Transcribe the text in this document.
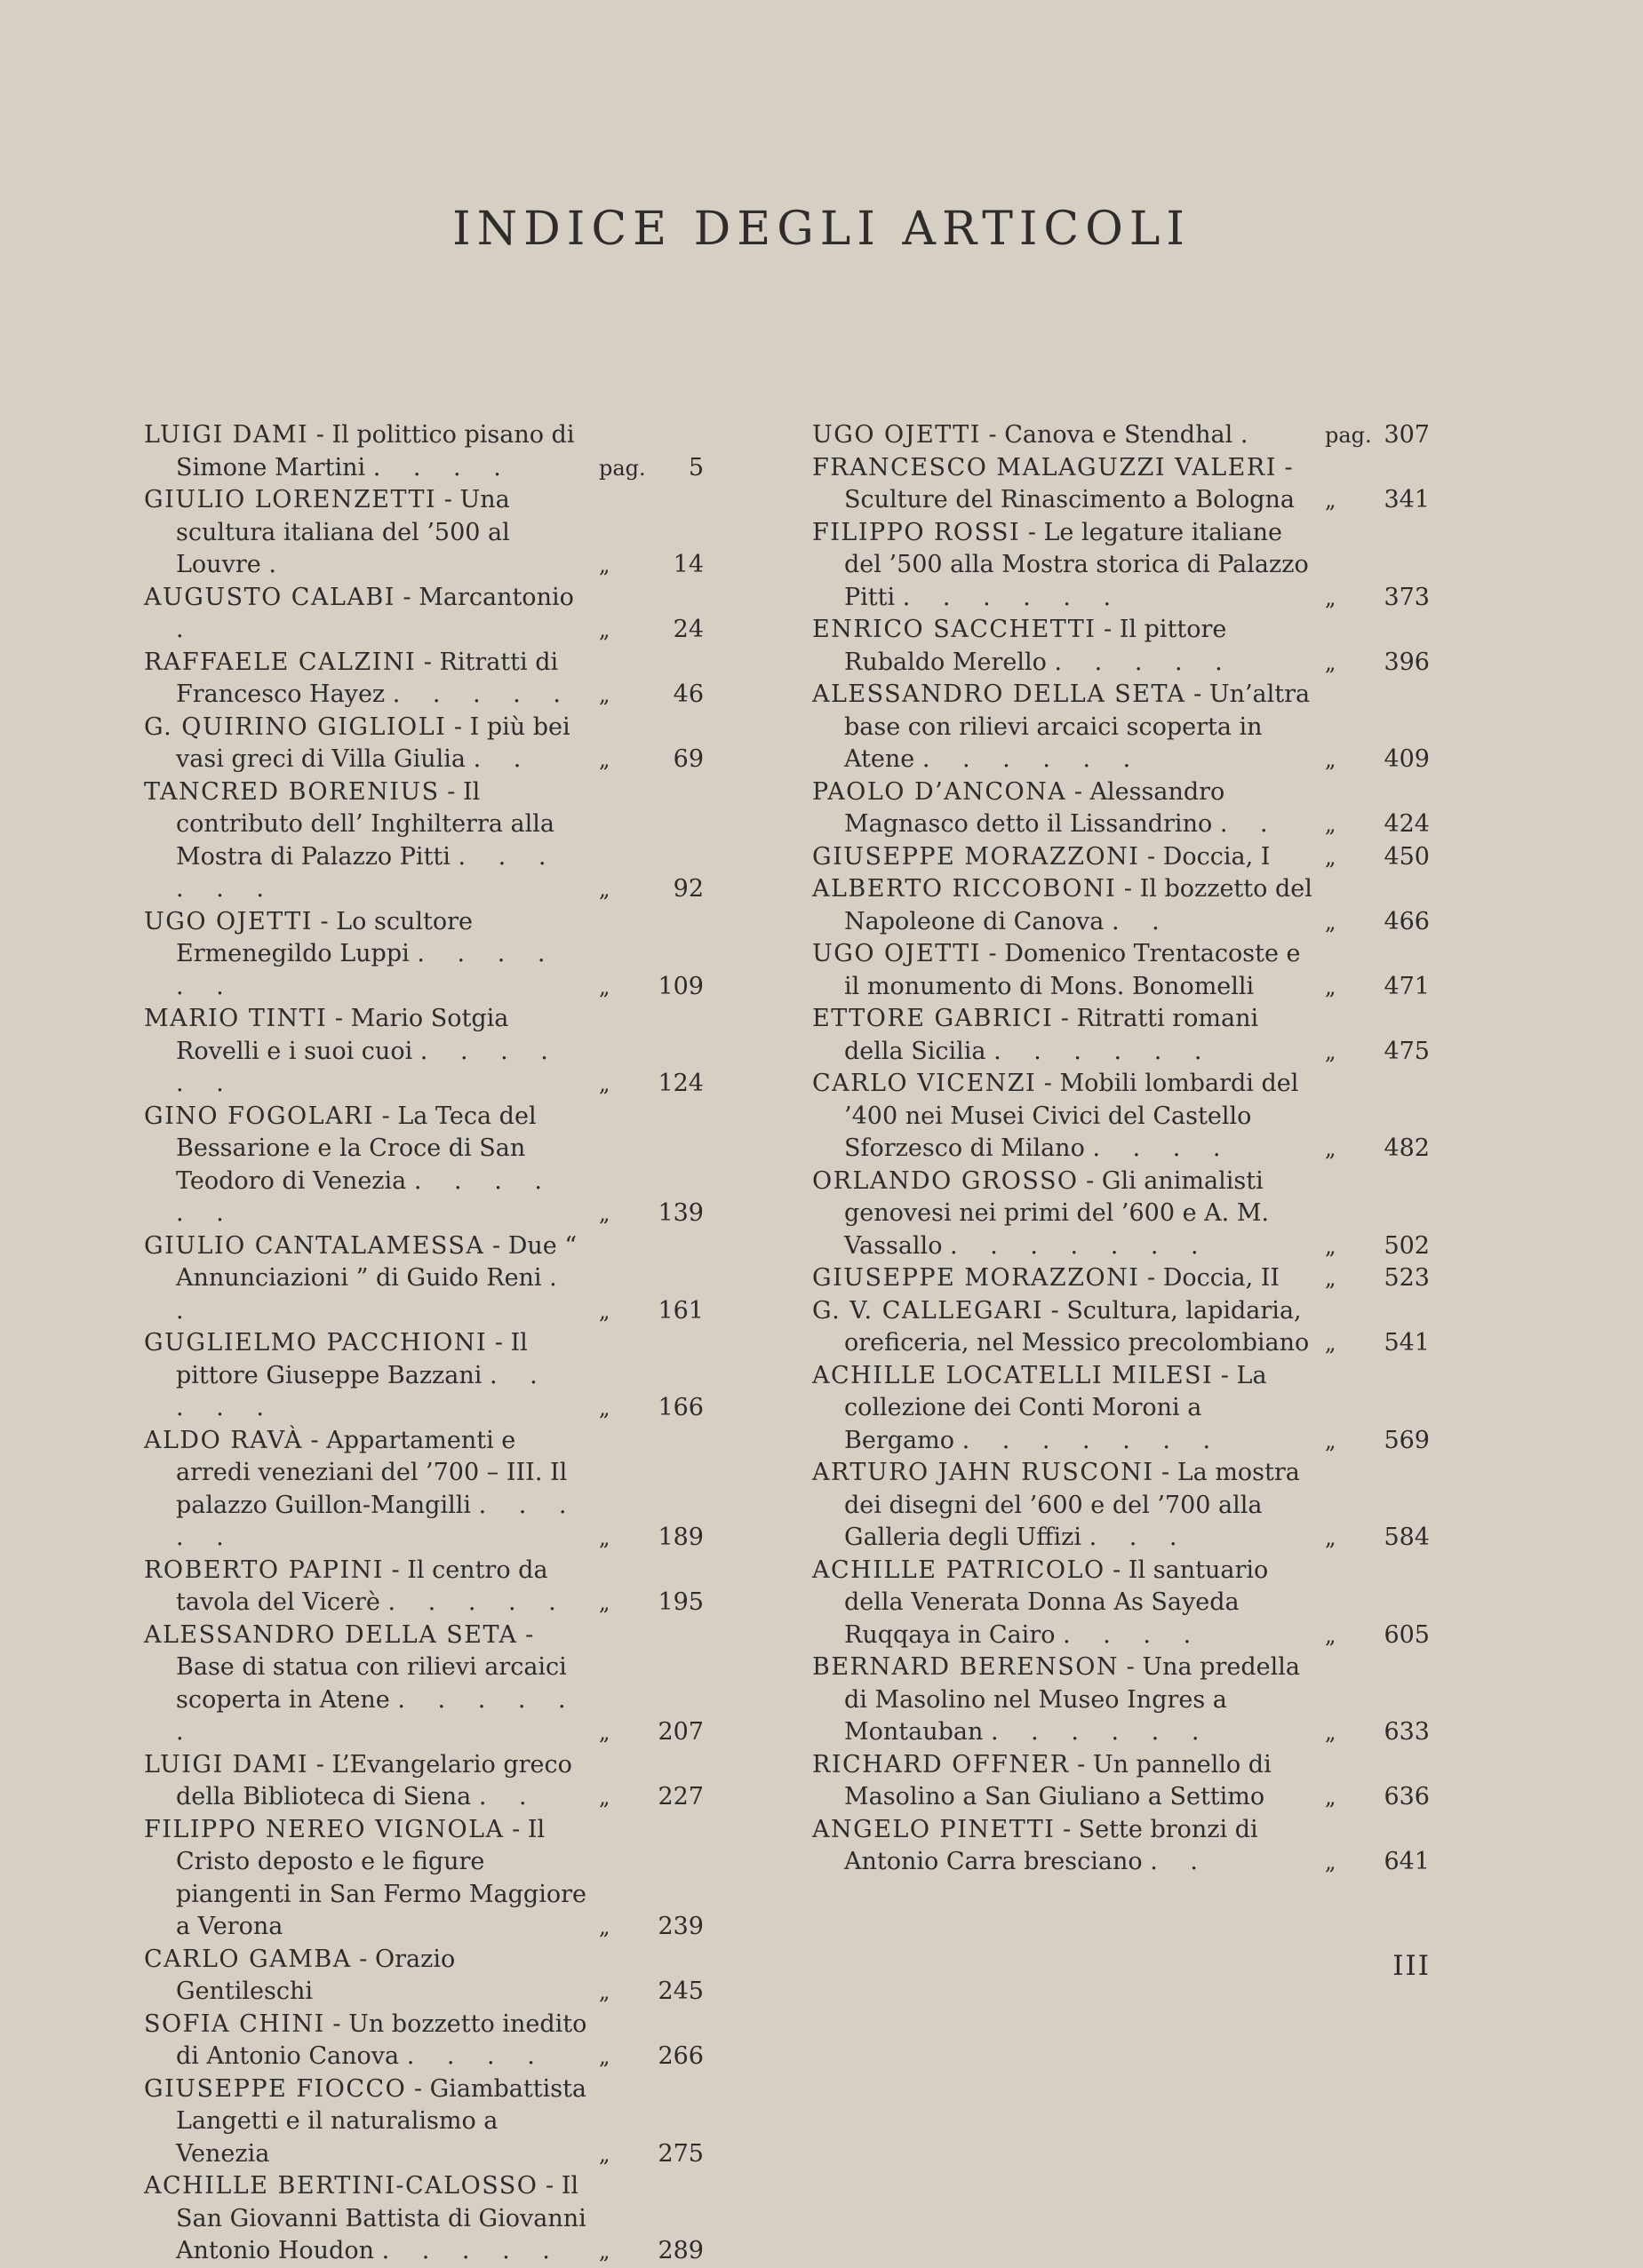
INDICE DEGLI ARTICOLI
LUIGI DAMI - Il polittico pisano di Simone Martini . . . .	pag. 5
GIULIO LORENZETTI - Una scultura italiana del ’500 al Louvre .	„	14
AUGUSTO CALABI - Marcantonio .	„	24
RAFFAELE CALZINI - Ritratti di Francesco Hayez . . . . .	„	46
G. QUIRINO GIGLIOLI - I più bei vasi greci di Villa Giulia . .	„	69
TANCRED BORENIUS - Il contributo dell’ Inghilterra alla Mostra di Palazzo Pitti . . . . . .	„	92
UGO OJETTI - Lo scultore Ermenegildo Luppi . . . . . .	„ 109
MARIO TINTI - Mario Sotgia Rovelli e i suoi cuoi . . . . . .	„ 124
GINO FOGOLARI - La Teca del Bessarione e la Croce di San Teodoro di Venezia . . . . . .	„ 139
GIULIO CANTALAMESSA - Due “ Annunciazioni ” di Guido Reni . .	„ 161
GUGLIELMO PACCHIONI - Il pittore Giuseppe Bazzani . . . . .	„ 166
ALDO RAVÀ - Appartamenti e arredi veneziani del ’700 – III. Il palazzo Guillon-Mangilli . . . . .	„ 189
ROBERTO PAPINI - Il centro da tavola del Vicerè . . . . .	„ 195
ALESSANDRO DELLA SETA - Base di statua con rilievi arcaici scoperta in Atene . . . . . .	„ 207
LUIGI DAMI - L’Evangelario greco della Biblioteca di Siena . .	„ 227
FILIPPO NEREO VIGNOLA - Il Cristo deposto e le figure piangenti in San Fermo Maggiore a Verona	„ 239
CARLO GAMBA - Orazio Gentileschi	„ 245
SOFIA CHINI - Un bozzetto inedito di Antonio Canova . . . .	„ 266
GIUSEPPE FIOCCO - Giambattista Langetti e il naturalismo a Venezia	„ 275
ACHILLE BERTINI-CALOSSO - Il San Giovanni Battista di Giovanni Antonio Houdon . . . . .	„ 289
UGO OJETTI - Canova e Stendhal .	pag. 307
FRANCESCO MALAGUZZI VALERI - Sculture del Rinascimento a Bologna	„ 341
FILIPPO ROSSI - Le legature italiane del ’500 alla Mostra storica di Palazzo Pitti . . . . . .	„ 373
ENRICO SACCHETTI - Il pittore Rubaldo Merello . . . . .	„ 396
ALESSANDRO DELLA SETA - Un’altra base con rilievi arcaici scoperta in Atene . . . . . .	„ 409
PAOLO D’ANCONA - Alessandro Magnasco detto il Lissandrino . .	„ 424
GIUSEPPE MORAZZONI - Doccia, I	„ 450
ALBERTO RICCOBONI - Il bozzetto del Napoleone di Canova . .	„ 466
UGO OJETTI - Domenico Trentacoste e il monumento di Mons. Bonomelli	„ 471
ETTORE GABRICI - Ritratti romani della Sicilia . . . . . .	„ 475
CARLO VICENZI - Mobili lombardi del ’400 nei Musei Civici del Castello Sforzesco di Milano . . . .	„ 482
ORLANDO GROSSO - Gli animalisti genovesi nei primi del ’600 e A. M. Vassallo . . . . . . .	„ 502
GIUSEPPE MORAZZONI - Doccia, II	„ 523
G. V. CALLEGARI - Scultura, lapidaria, oreficeria, nel Messico precolombiano „ 541
ACHILLE LOCATELLI MILESI - La collezione dei Conti Moroni a Bergamo . . . . . . .	„ 569
ARTURO JAHN RUSCONI - La mostra dei disegni del ’600 e del ’700 alla Galleria degli Uffizi . . .	„ 584
ACHILLE PATRICOLO - Il santuario della Venerata Donna As Sayeda Ruqqaya in Cairo . . . .	„ 605
BERNARD BERENSON - Una predella di Masolino nel Museo Ingres a Montauban . . . . . .	„ 633
RICHARD OFFNER - Un pannello di Masolino a San Giuliano a Settimo	„ 636
ANGELO PINETTI - Sette bronzi di Antonio Carra bresciano . .	„ 641
III
